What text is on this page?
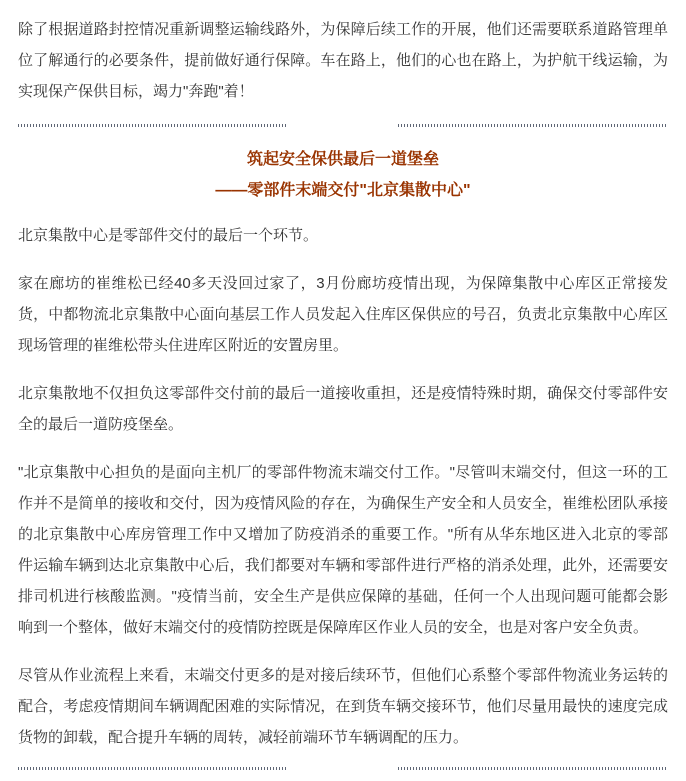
除了根据道路封控情况重新调整运输线路外，为保障后续工作的开展，他们还需要联系道路管理单位了解通行的必要条件，提前做好通行保障。车在路上，他们的心也在路上，为护航干线运输，为实现保产保供目标，竭力"奔跑"着！

筑起安全保供最后一道堡垒
——零部件末端交付"北京集散中心"

北京集散中心是零部件交付的最后一个环节。

家在廊坊的崔维松已经40多天没回过家了，3月份廊坊疫情出现，为保障集散中心库区正常接发货，中都物流北京集散中心面向基层工作人员发起入住库区保供应的号召，负责北京集散中心库区现场管理的崔维松带头住进库区附近的安置房里。

北京集散地不仅担负这零部件交付前的最后一道接收重担，还是疫情特殊时期，确保交付零部件安全的最后一道防疫堡垒。

"北京集散中心担负的是面向主机厂的零部件物流末端交付工作。"尽管叫末端交付，但这一环的工作并不是简单的接收和交付，因为疫情风险的存在，为确保生产安全和人员安全，崔维松团队承接的北京集散中心库房管理工作中又增加了防疫消杀的重要工作。"所有从华东地区进入北京的零部件运输车辆到达北京集散中心后，我们都要对车辆和零部件进行严格的消杀处理，此外，还需要安排司机进行核酸监测。"疫情当前，安全生产是供应保障的基础，任何一个人出现问题可能都会影响到一个整体，做好末端交付的疫情防控既是保障库区作业人员的安全，也是对客户安全负责。

尽管从作业流程上来看，末端交付更多的是对接后续环节，但他们心系整个零部件物流业务运转的配合，考虑疫情期间车辆调配困难的实际情况，在到货车辆交接环节，他们尽量用最快的速度完成货物的卸载，配合提升车辆的周转，减轻前端环节车辆调配的压力。
